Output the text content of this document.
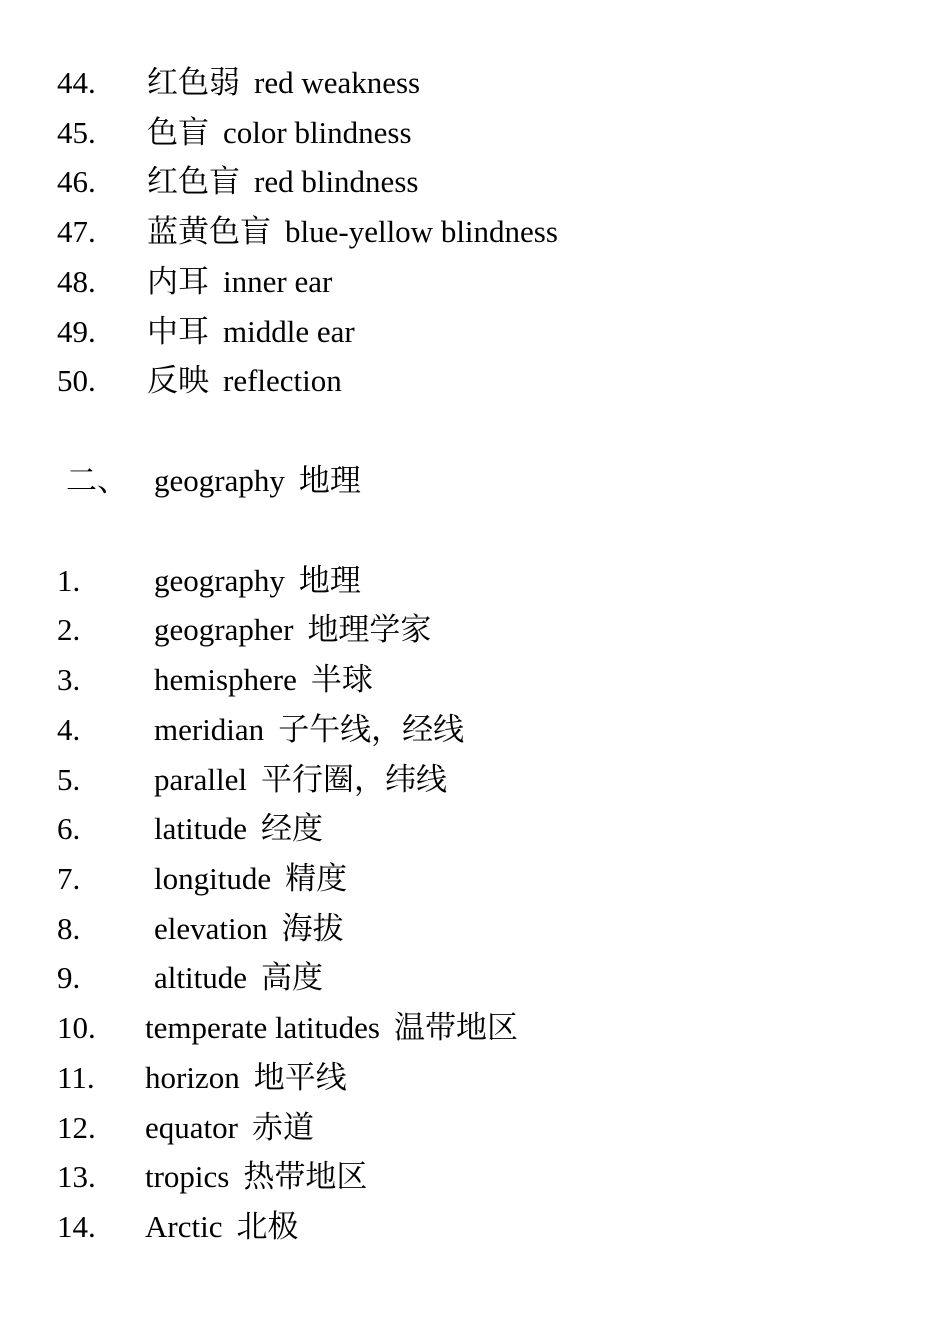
44. 红色弱 red weakness
45. 色盲 color blindness
46. 红色盲 red blindness
47. 蓝黄色盲 blue-yellow blindness
48. 内耳 inner ear
49. 中耳 middle ear
50. 反映 reflection
二、 geography 地理
1. geography 地理
2. geographer 地理学家
3. hemisphere 半球
4. meridian 子午线，经线
5. parallel 平行圈，纬线
6. latitude 经度
7. longitude 精度
8. elevation 海拔
9. altitude 高度
10. temperate latitudes 温带地区
11. horizon 地平线
12. equator 赤道
13. tropics 热带地区
14. Arctic 北极
